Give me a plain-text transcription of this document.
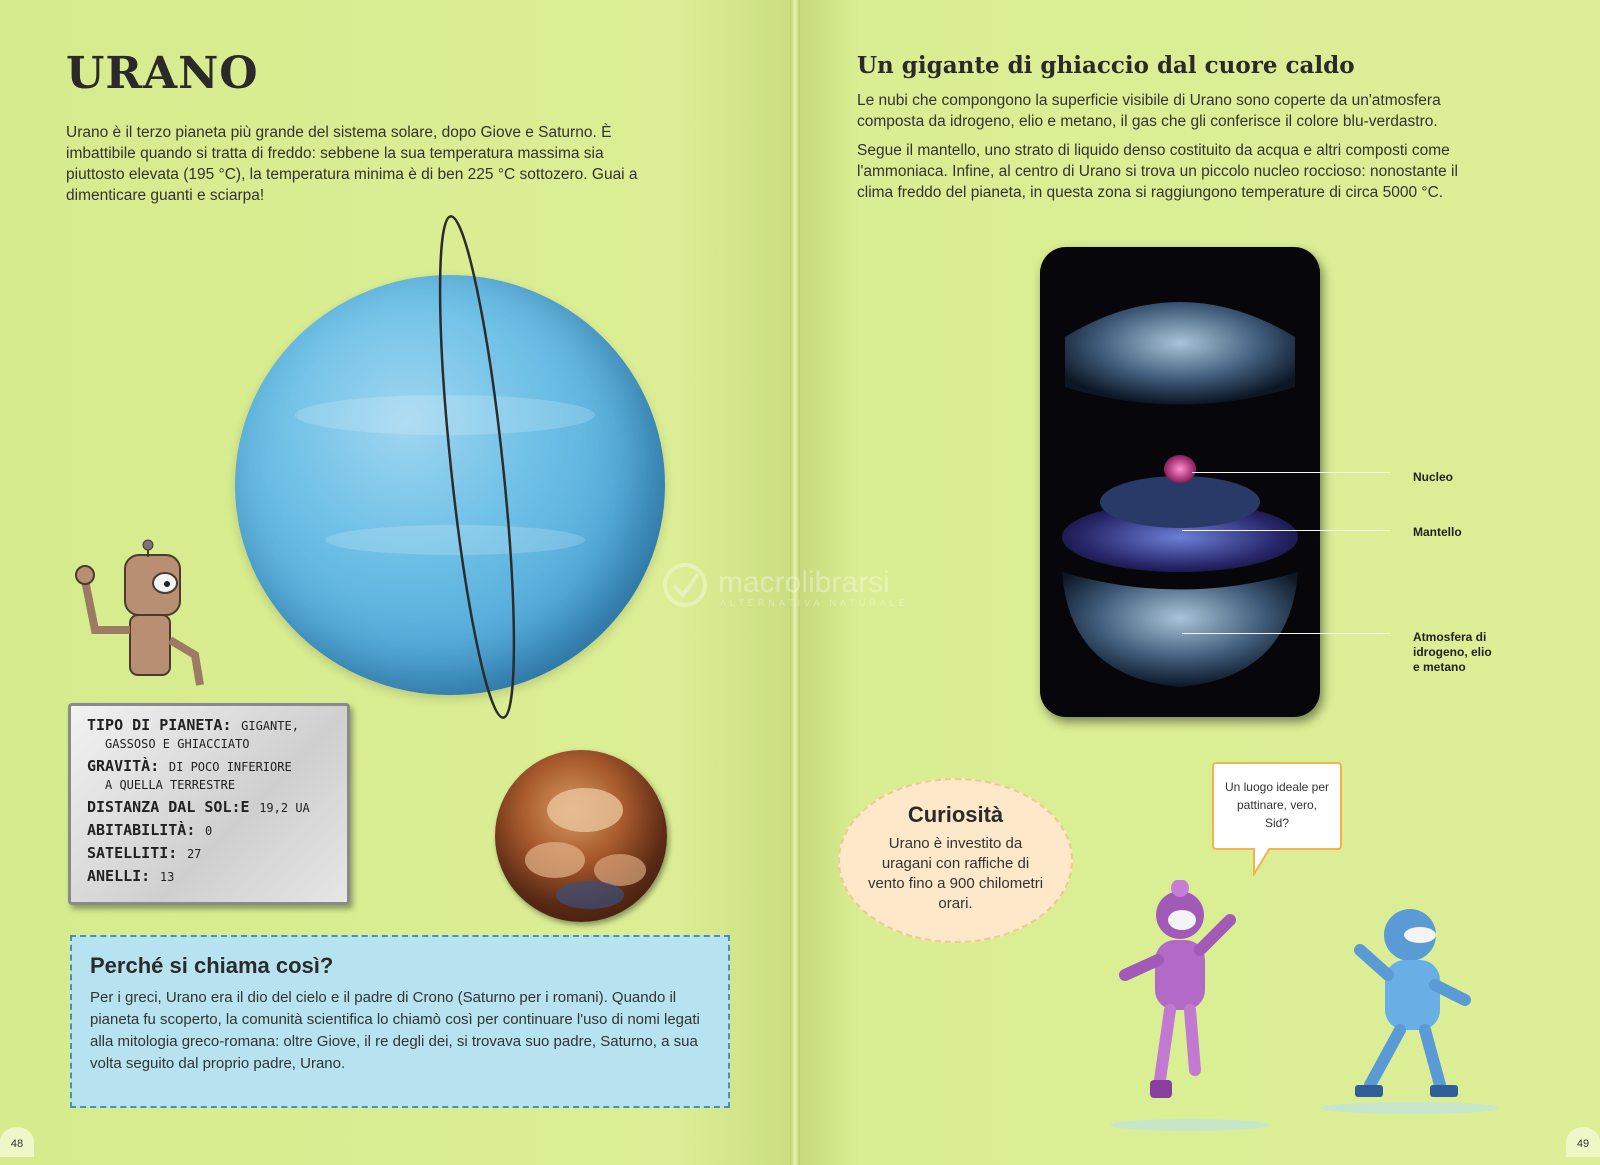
URANO

Urano è il terzo pianeta più grande del sistema solare, dopo Giove e Saturno. È imbattibile quando si tratta di freddo: sebbene la sua temperatura massima sia piuttosto elevata (195 °C), la temperatura minima è di ben 225 °C sottozero. Guai a dimenticare guanti e sciarpa!

TIPO DI PIANETA: GIGANTE,
GASSOSO E GHIACCIATO
GRAVITÀ: DI POCO INFERIORE
A QUELLA TERRESTRE
DISTANZA DAL SOL:E 19,2 UA
ABITABILITÀ: 0
SATELLITI: 27
ANELLI: 13
Perché si chiama così?

Per i greci, Urano era il dio del cielo e il padre di Crono (Saturno per i romani). Quando il pianeta fu scoperto, la comunità scientifica lo chiamò così per continuare l'uso di nomi legati alla mitologia greco-romana: oltre Giove, il re degli dei, si trovava suo padre, Saturno, a sua volta seguito dal proprio padre, Urano.

48
Un gigante di ghiaccio dal cuore caldo

Le nubi che compongono la superficie visibile di Urano sono coperte da un'atmosfera composta da idrogeno, elio e metano, il gas che gli conferisce il colore blu-verdastro.

Segue il mantello, uno strato di liquido denso costituito da acqua e altri composti come l'ammoniaca. Infine, al centro di Urano si trova un piccolo nucleo roccioso: nonostante il clima freddo del pianeta, in questa zona si raggiungono temperature di circa 5000 °C.

Nucleo
Mantello
Atmosfera di
idrogeno, elio
e metano
Curiosità

Urano è investito da uragani con raffiche di vento fino a 900 chilometri orari.

Un luogo ideale per pattinare, vero, Sid?
macrolibrarsi
ALTERNATIVA NATURALE
49
